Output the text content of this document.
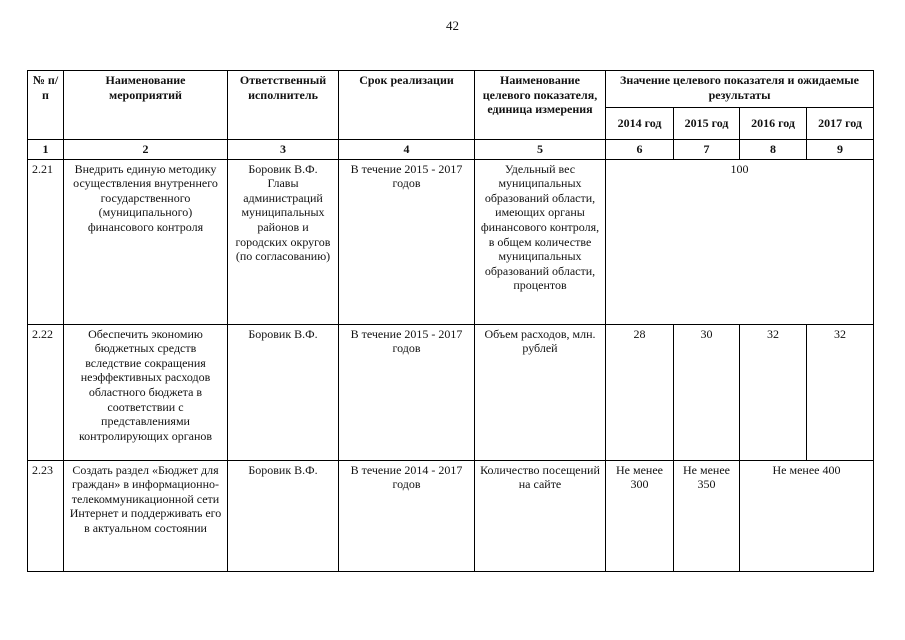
42
№ п/п	Наименование мероприятий	Ответственный исполнитель	Срок реализации	Наименование целевого показателя, единица измерения	Значение целевого показателя и ожидаемые результаты			
					2014 год	2015 год	2016 год	2017 год
1	2	3	4	5	6	7	8	9
2.21	Внедрить единую методику осуществления внутреннего государственного (муниципального) финансового контроля	Боровик В.Ф. Главы администраций муниципальных районов и городских округов (по согласованию)	В течение 2015 - 2017 годов	Удельный вес муниципальных образований области, имеющих органы финансового контроля, в общем количестве муниципальных образований области, процентов	100			
2.22	Обеспечить экономию бюджетных средств вследствие сокращения неэффективных расходов областного бюджета в соответствии с представлениями контролирующих органов	Боровик В.Ф.	В течение 2015 - 2017 годов	Объем расходов, млн. рублей	28	30	32	32
2.23	Создать раздел «Бюджет для граждан» в информационно-телекоммуникационной сети Интернет и поддерживать его в актуальном состоянии	Боровик В.Ф.	В течение 2014 - 2017 годов	Количество посещений на сайте	Не менее 300	Не менее 350	Не менее 400	
